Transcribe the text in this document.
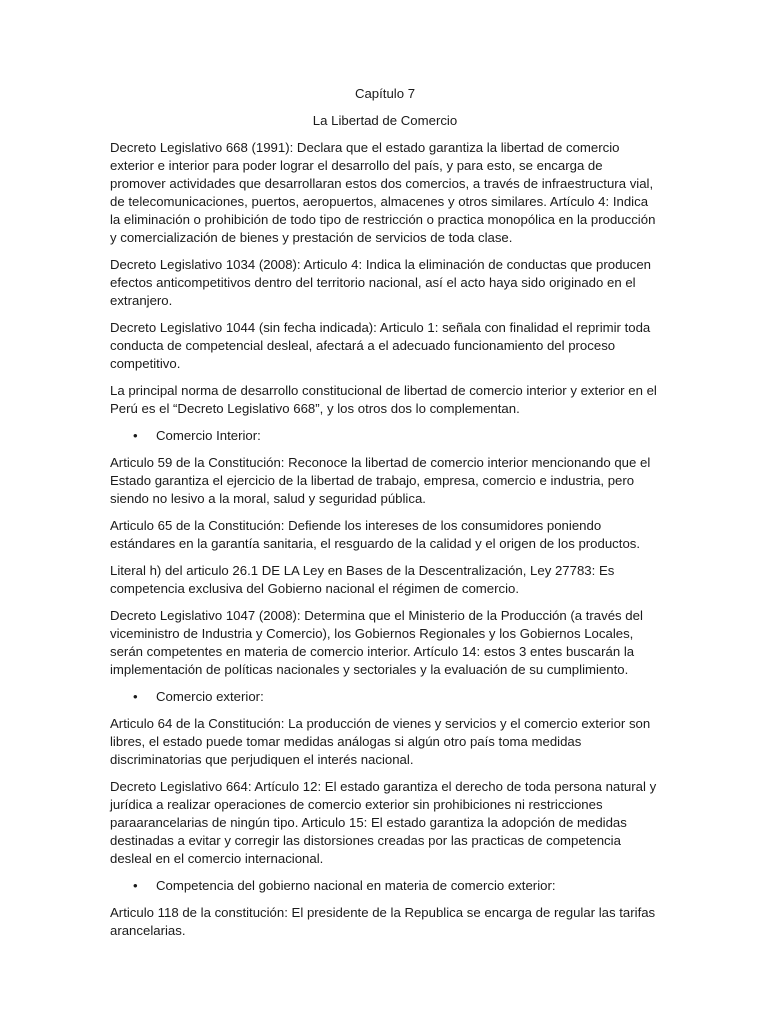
Capítulo 7
La Libertad de Comercio
Decreto Legislativo 668 (1991): Declara que el estado garantiza la libertad de comercio exterior e interior para poder lograr el desarrollo del país, y para esto, se encarga de promover actividades que desarrollaran estos dos comercios, a través de infraestructura vial, de telecomunicaciones, puertos, aeropuertos, almacenes y otros similares. Artículo 4: Indica la eliminación o prohibición de todo tipo de restricción o practica monopólica en la producción y comercialización de bienes y prestación de servicios de toda clase.
Decreto Legislativo 1034 (2008): Articulo 4: Indica la eliminación de conductas que producen efectos anticompetitivos dentro del territorio nacional, así el acto haya sido originado en el extranjero.
Decreto Legislativo 1044 (sin fecha indicada): Articulo 1: señala con finalidad el reprimir toda conducta de competencial desleal, afectará a el adecuado funcionamiento del proceso competitivo.
La principal norma de desarrollo constitucional de libertad de comercio interior y exterior en el Perú es el “Decreto Legislativo 668”, y los otros dos lo complementan.
• Comercio Interior:
Articulo 59 de la Constitución: Reconoce la libertad de comercio interior mencionando que el Estado garantiza el ejercicio de la libertad de trabajo, empresa, comercio e industria, pero siendo no lesivo a la moral, salud y seguridad pública.
Articulo 65 de la Constitución: Defiende los intereses de los consumidores poniendo estándares en la garantía sanitaria, el resguardo de la calidad y el origen de los productos.
Literal h) del articulo 26.1 DE LA Ley en Bases de la Descentralización, Ley 27783: Es competencia exclusiva del Gobierno nacional el régimen de comercio.
Decreto Legislativo 1047 (2008): Determina que el Ministerio de la Producción (a través del viceministro de Industria y Comercio), los Gobiernos Regionales y los Gobiernos Locales, serán competentes en materia de comercio interior. Artículo 14: estos 3 entes buscarán la implementación de políticas nacionales y sectoriales y la evaluación de su cumplimiento.
• Comercio exterior:
Articulo 64 de la Constitución: La producción de vienes y servicios y el comercio exterior son libres, el estado puede tomar medidas análogas si algún otro país toma medidas discriminatorias que perjudiquen el interés nacional.
Decreto Legislativo 664: Artículo 12: El estado garantiza el derecho de toda persona natural y jurídica a realizar operaciones de comercio exterior sin prohibiciones ni restricciones paraarancelarias de ningún tipo. Articulo 15: El estado garantiza la adopción de medidas destinadas a evitar y corregir las distorsiones creadas por las practicas de competencia desleal en el comercio internacional.
• Competencia del gobierno nacional en materia de comercio exterior:
Articulo 118 de la constitución: El presidente de la Republica se encarga de regular las tarifas arancelarias.
